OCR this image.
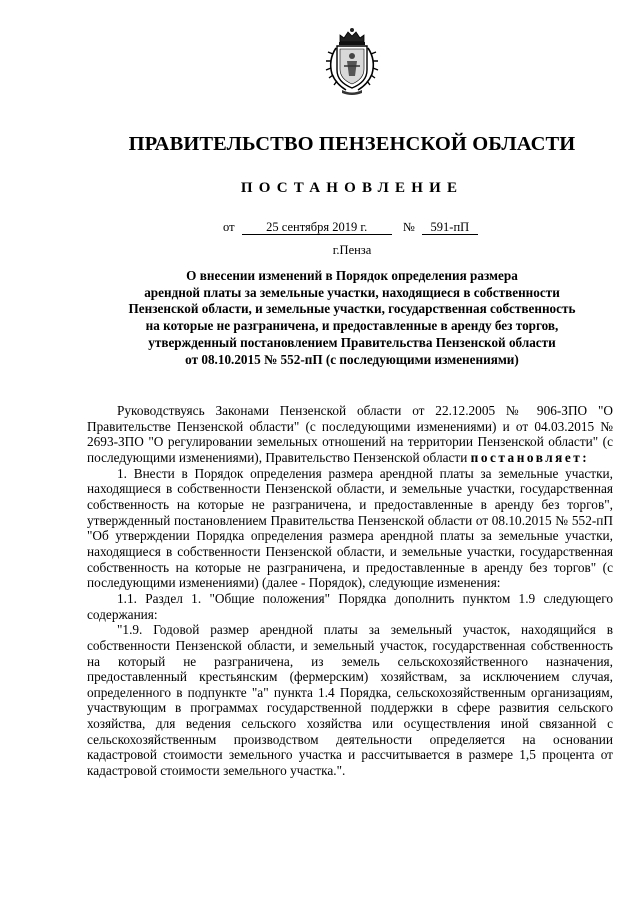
ПРАВИТЕЛЬСТВО ПЕНЗЕНСКОЙ ОБЛАСТИ
ПОСТАНОВЛЕНИЕ
от	25 сентября 2019 г.	№ 591-пП
г.Пенза
О внесении изменений в Порядок определения размера
арендной платы за земельные участки, находящиеся в собственности
Пензенской области, и земельные участки, государственная собственность
на которые не разграничена, и предоставленные в аренду без торгов,
утвержденный постановлением Правительства Пензенской области
от 08.10.2015 № 552-пП (с последующими изменениями)

Руководствуясь Законами Пензенской области от 22.12.2005 № 906-ЗПО "О Правительстве Пензенской области" (с последующими изменениями) и от 04.03.2015 № 2693-ЗПО "О регулировании земельных отношений на территории Пензенской области" (с последующими изменениями), Правительство Пензенской области постановляет:

1. Внести в Порядок определения размера арендной платы за земельные участки, находящиеся в собственности Пензенской области, и земельные участки, государственная собственность на которые не разграничена, и предоставленные в аренду без торгов", утвержденный постановлением Правительства Пензенской области от 08.10.2015 № 552-пП "Об утверждении Порядка определения размера арендной платы за земельные участки, находящиеся в собственности Пензенской области, и земельные участки, государственная собственность на которые не разграничена, и предоставленные в аренду без торгов" (с последующими изменениями) (далее - Порядок), следующие изменения:

1.1. Раздел 1. "Общие положения" Порядка дополнить пунктом 1.9 следующего содержания:

"1.9. Годовой размер арендной платы за земельный участок, находящийся в собственности Пензенской области, и земельный участок, государственная собственность на который не разграничена, из земель сельскохозяйственного назначения, предоставленный крестьянским (фермерским) хозяйствам, за исключением случая, определенного в подпункте "а" пункта 1.4 Порядка, сельскохозяйственным организациям, участвующим в программах государственной поддержки в сфере развития сельского хозяйства, для ведения сельского хозяйства или осуществления иной связанной с сельскохозяйственным производством деятельности определяется на основании кадастровой стоимости земельного участка и рассчитывается в размере 1,5 процента от кадастровой стоимости земельного участка.".
